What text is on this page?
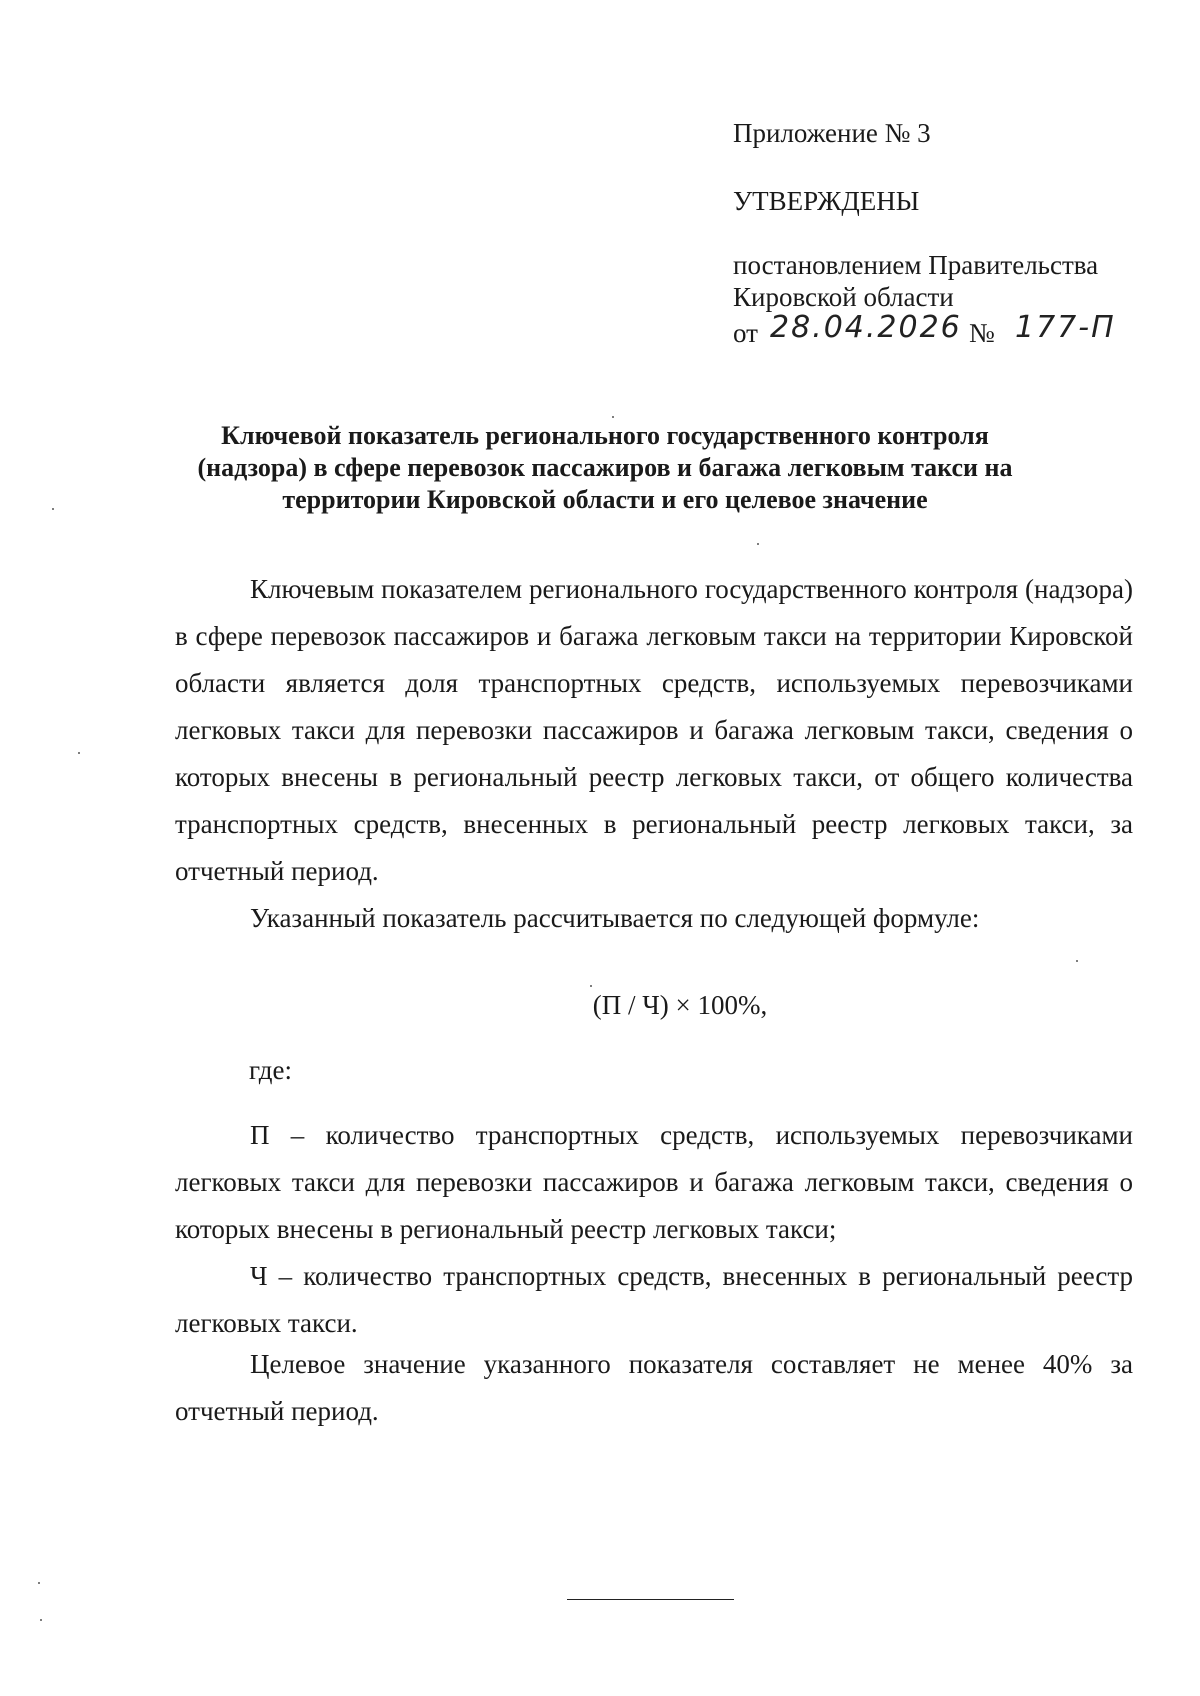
Приложение № 3
УТВЕРЖДЕНЫ
постановлением Правительства
Кировской области
от 28.04.2026 № 177-П
Ключевой показатель регионального государственного контроля (надзора) в сфере перевозок пассажиров и багажа легковым такси на территории Кировской области и его целевое значение

Ключевым показателем регионального государственного контроля (надзора) в сфере перевозок пассажиров и багажа легковым такси на территории Кировской области является доля транспортных средств, используемых перевозчиками легковых такси для перевозки пассажиров и багажа легковым такси, сведения о которых внесены в региональный реестр легковых такси, от общего количества транспортных средств, внесенных в региональный реестр легковых такси, за отчетный период.

Указанный показатель рассчитывается по следующей формуле:

(П / Ч) × 100%,
где:

П – количество транспортных средств, используемых перевозчиками легковых такси для перевозки пассажиров и багажа легковым такси, сведения о которых внесены в региональный реестр легковых такси;

Ч – количество транспортных средств, внесенных в региональный реестр легковых такси.

Целевое значение указанного показателя составляет не менее 40% за отчетный период.
